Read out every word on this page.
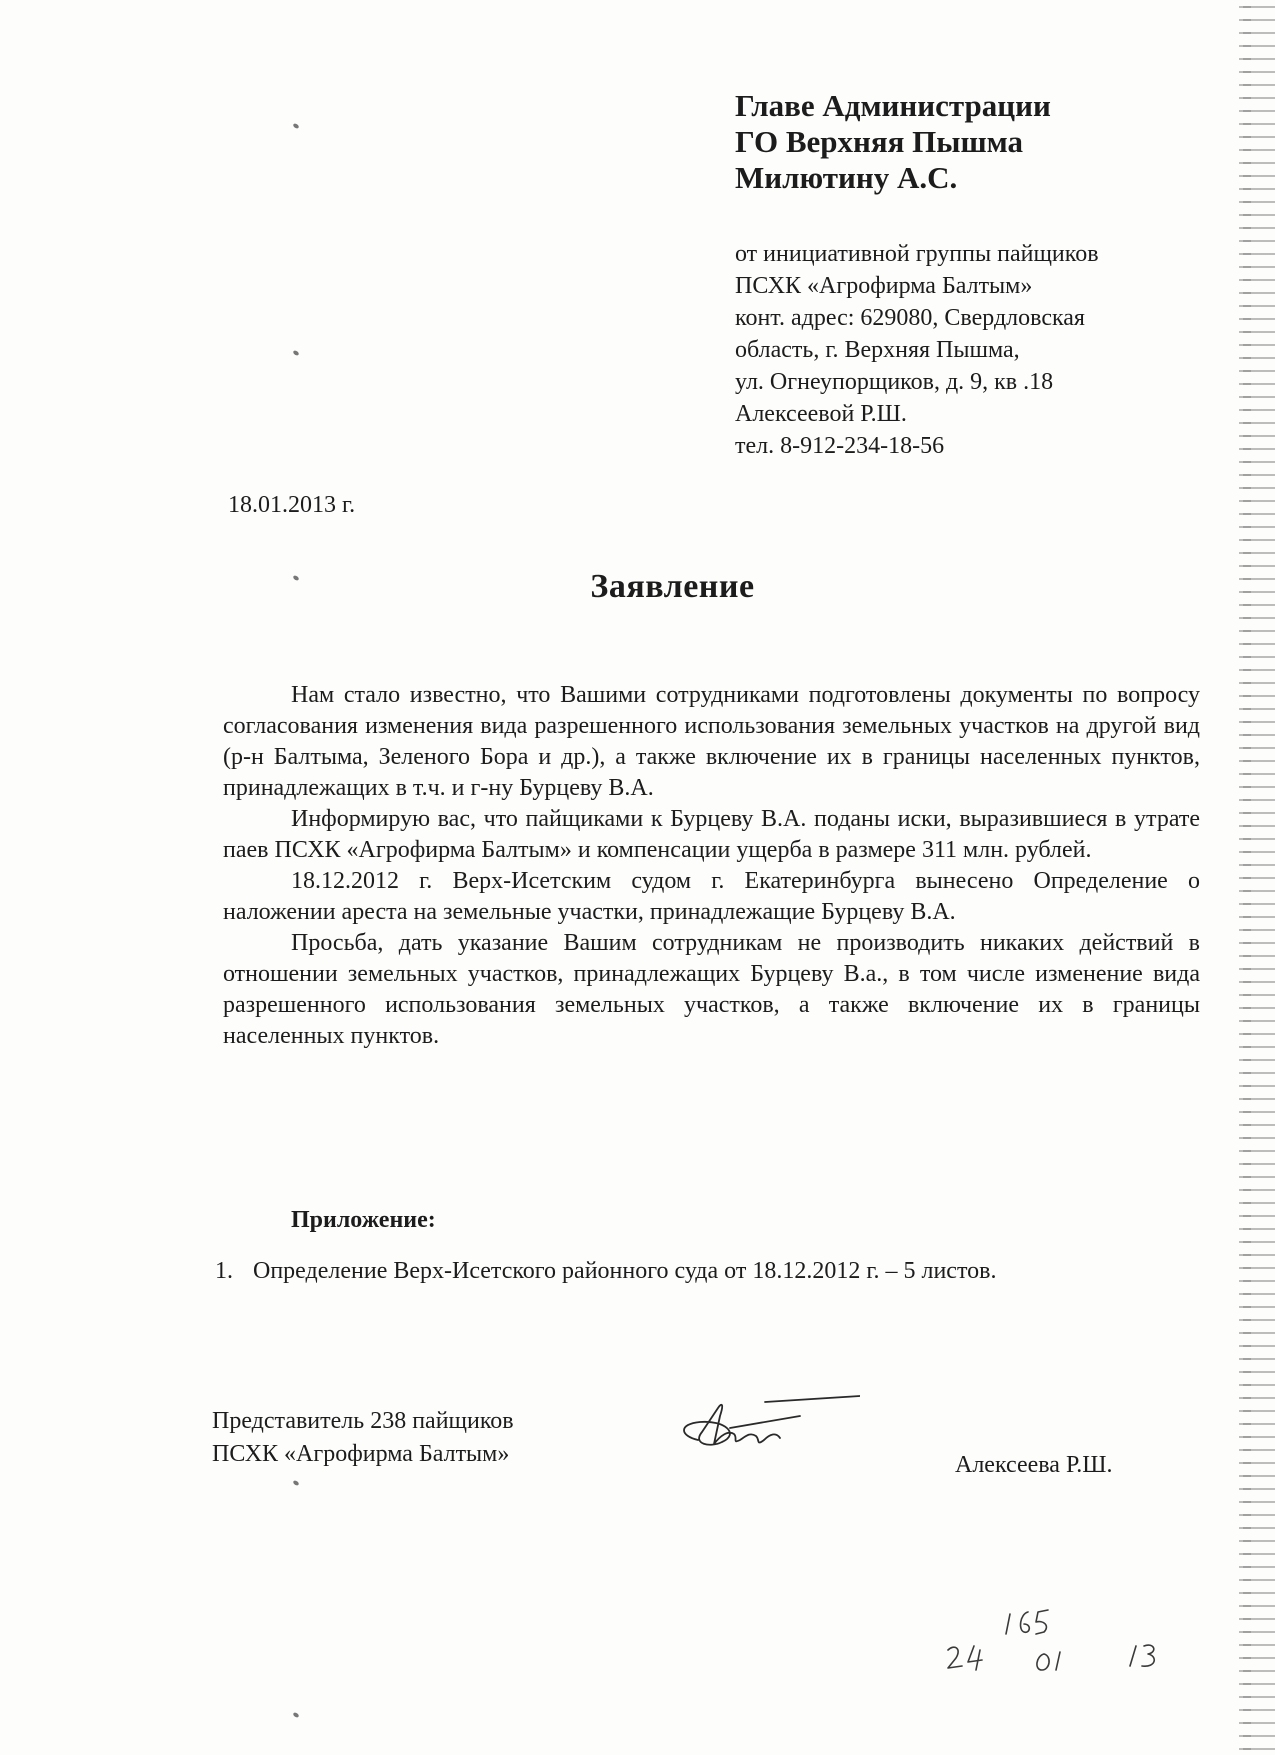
Главе Администрации
ГО Верхняя Пышма
Милютину А.С.
от инициативной группы пайщиков
ПСХК «Агрофирма Балтым»
конт. адрес: 629080, Свердловская
область, г. Верхняя Пышма,
ул. Огнеупорщиков, д. 9, кв .18
Алексеевой Р.Ш.
тел. 8-912-234-18-56
18.01.2013 г.
Заявление

Нам стало известно, что Вашими сотрудниками подготовлены документы по вопросу согласования изменения вида разрешенного использования земельных участков на другой вид (р-н Балтыма, Зеленого Бора и др.), а также включение их в границы населенных пунктов, принадлежащих в т.ч. и г-ну Бурцеву В.А.

Информирую вас, что пайщиками к Бурцеву В.А. поданы иски, выразившиеся в утрате паев ПСХК «Агрофирма Балтым» и компенсации ущерба в размере 311 млн. рублей.

18.12.2012 г. Верх-Исетским судом г. Екатеринбурга вынесено Определение о наложении ареста на земельные участки, принадлежащие Бурцеву В.А.

Просьба, дать указание Вашим сотрудникам не производить никаких действий в отношении земельных участков, принадлежащих Бурцеву В.а., в том числе изменение вида разрешенного использования земельных участков, а также включение их в границы населенных пунктов.

Приложение:
1. Определение Верх-Исетского районного суда от 18.12.2012 г. – 5 листов.
Представитель 238 пайщиков
ПСХК «Агрофирма Балтым»	Алексеева Р.Ш.
